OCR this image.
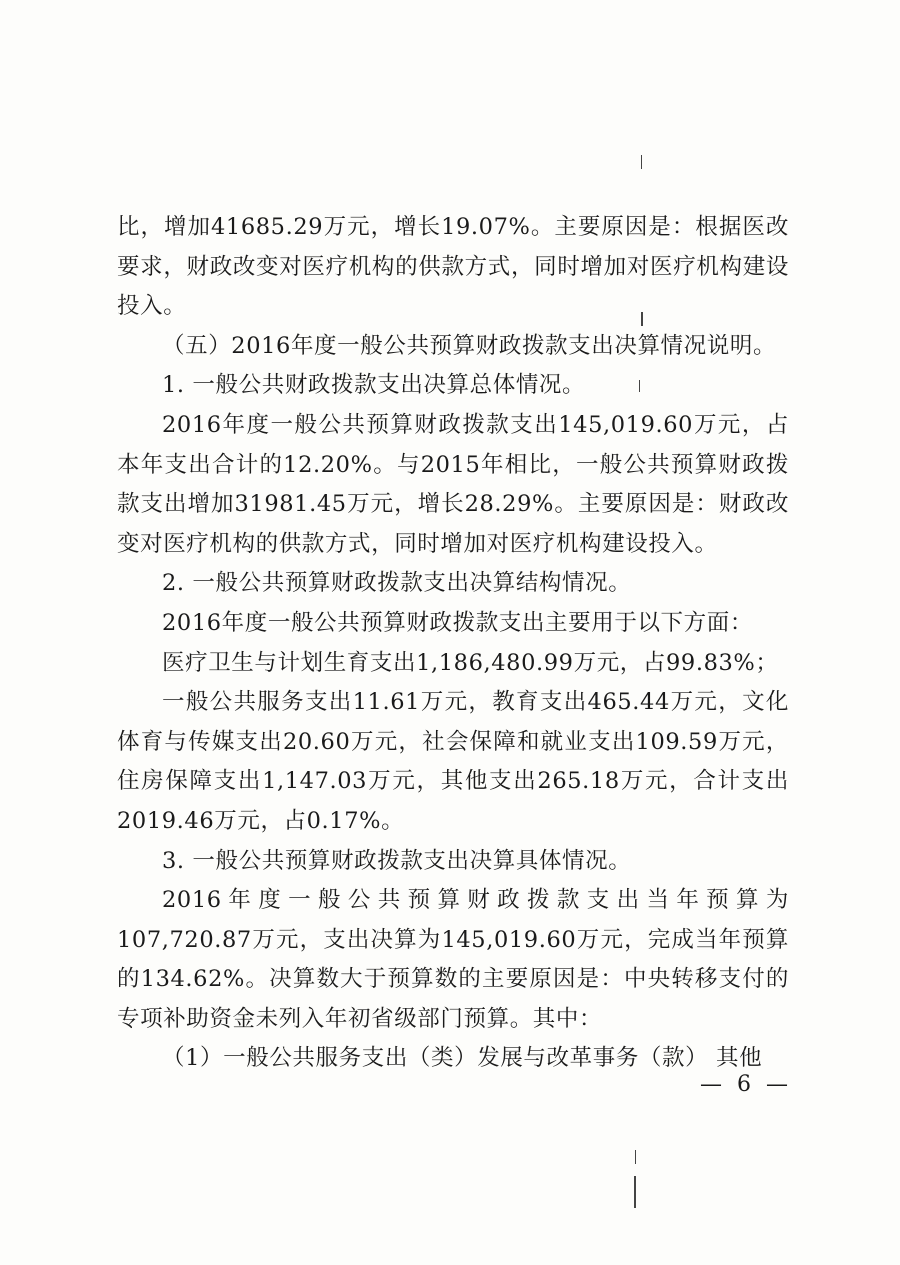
比，增加41685.29万元，增长19.07%。主要原因是：根据医改要求，财政改变对医疗机构的供款方式，同时增加对医疗机构建设投入。

（五）2016年度一般公共预算财政拨款支出决算情况说明。

1. 一般公共财政拨款支出决算总体情况。

2016年度一般公共预算财政拨款支出145,019.60万元，占本年支出合计的12.20%。与2015年相比，一般公共预算财政拨款支出增加31981.45万元，增长28.29%。主要原因是：财政改变对医疗机构的供款方式，同时增加对医疗机构建设投入。

2. 一般公共预算财政拨款支出决算结构情况。

2016年度一般公共预算财政拨款支出主要用于以下方面：

医疗卫生与计划生育支出1,186,480.99万元，占99.83%；

一般公共服务支出11.61万元，教育支出465.44万元，文化体育与传媒支出20.60万元，社会保障和就业支出109.59万元，住房保障支出1,147.03万元，其他支出265.18万元，合计支出2019.46万元，占0.17%。

3. 一般公共预算财政拨款支出决算具体情况。

2016年度一般公共预算财政拨款支出当年预算为107,720.87万元，支出决算为145,019.60万元，完成当年预算的134.62%。决算数大于预算数的主要原因是：中央转移支付的专项补助资金未列入年初省级部门预算。其中：

（1）一般公共服务支出（类）发展与改革事务（款） 其他

— 6 —
